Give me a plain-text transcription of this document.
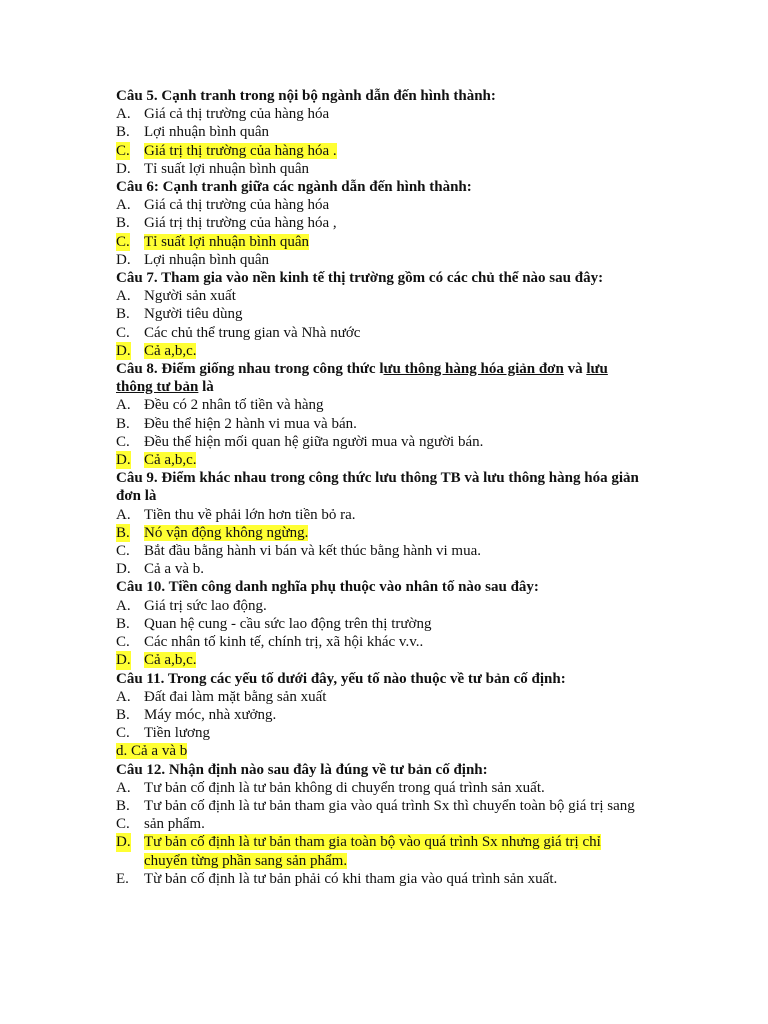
Câu 5. Cạnh tranh trong nội bộ ngành dẫn đến hình thành:
A. Giá cả thị trường của hàng hóa
B. Lợi nhuận bình quân
C. Giá trị thị trường của hàng hóa .
D. Tỉ suất lợi nhuận bình quân
Câu 6: Cạnh tranh giữa các ngành dẫn đến hình thành:
A. Giá cả thị trường của hàng hóa
B. Giá trị thị trường của hàng hóa ,
C. Tỉ suất lợi nhuận bình quân
D. Lợi nhuận bình quân
Câu 7. Tham gia vào nền kinh tế thị trường gồm có các chủ thể nào sau đây:
A. Người sản xuất
B. Người tiêu dùng
C. Các chủ thể trung gian và Nhà nước
D. Cả a,b,c.
Câu 8. Điểm giống nhau trong công thức lưu thông hàng hóa giản đơn và lưu thông tư bản là
A. Đều có 2 nhân tố tiền và hàng
B. Đều thể hiện 2 hành vi mua và bán.
C. Đều thể hiện mối quan hệ giữa người mua và người bán.
D. Cả a,b,c.
Câu 9. Điểm khác nhau trong công thức lưu thông TB và lưu thông hàng hóa giản đơn là
A. Tiền thu về phải lớn hơn tiền bỏ ra.
B. Nó vận động không ngừng.
C. Bắt đầu bằng hành vi bán và kết thúc bằng hành vi mua.
D. Cả a và b.
Câu 10. Tiền công danh nghĩa phụ thuộc vào nhân tố nào sau đây:
A. Giá trị sức lao động.
B. Quan hệ cung - cầu sức lao động trên thị trường
C. Các nhân tố kinh tế, chính trị, xã hội khác v.v..
D. Cả a,b,c.
Câu 11. Trong các yếu tố dưới đây, yếu tố nào thuộc về tư bản cố định:
A. Đất đai làm mặt bằng sản xuất
B. Máy móc, nhà xưởng.
C. Tiền lương
d. Cả a và b
Câu 12. Nhận định nào sau đây là đúng về tư bản cố định:
A. Tư bản cố định là tư bản không di chuyển trong quá trình sản xuất.
B. Tư bản cố định là tư bản tham gia vào quá trình Sx thì chuyển toàn bộ giá trị sang
C. sản phẩm.
D. Tư bản cố định là tư bản tham gia toàn bộ vào quá trình Sx nhưng giá trị chỉ chuyển từng phần sang sản phẩm.
E. Từ bản cố định là tư bản phải có khi tham gia vào quá trình sản xuất.
